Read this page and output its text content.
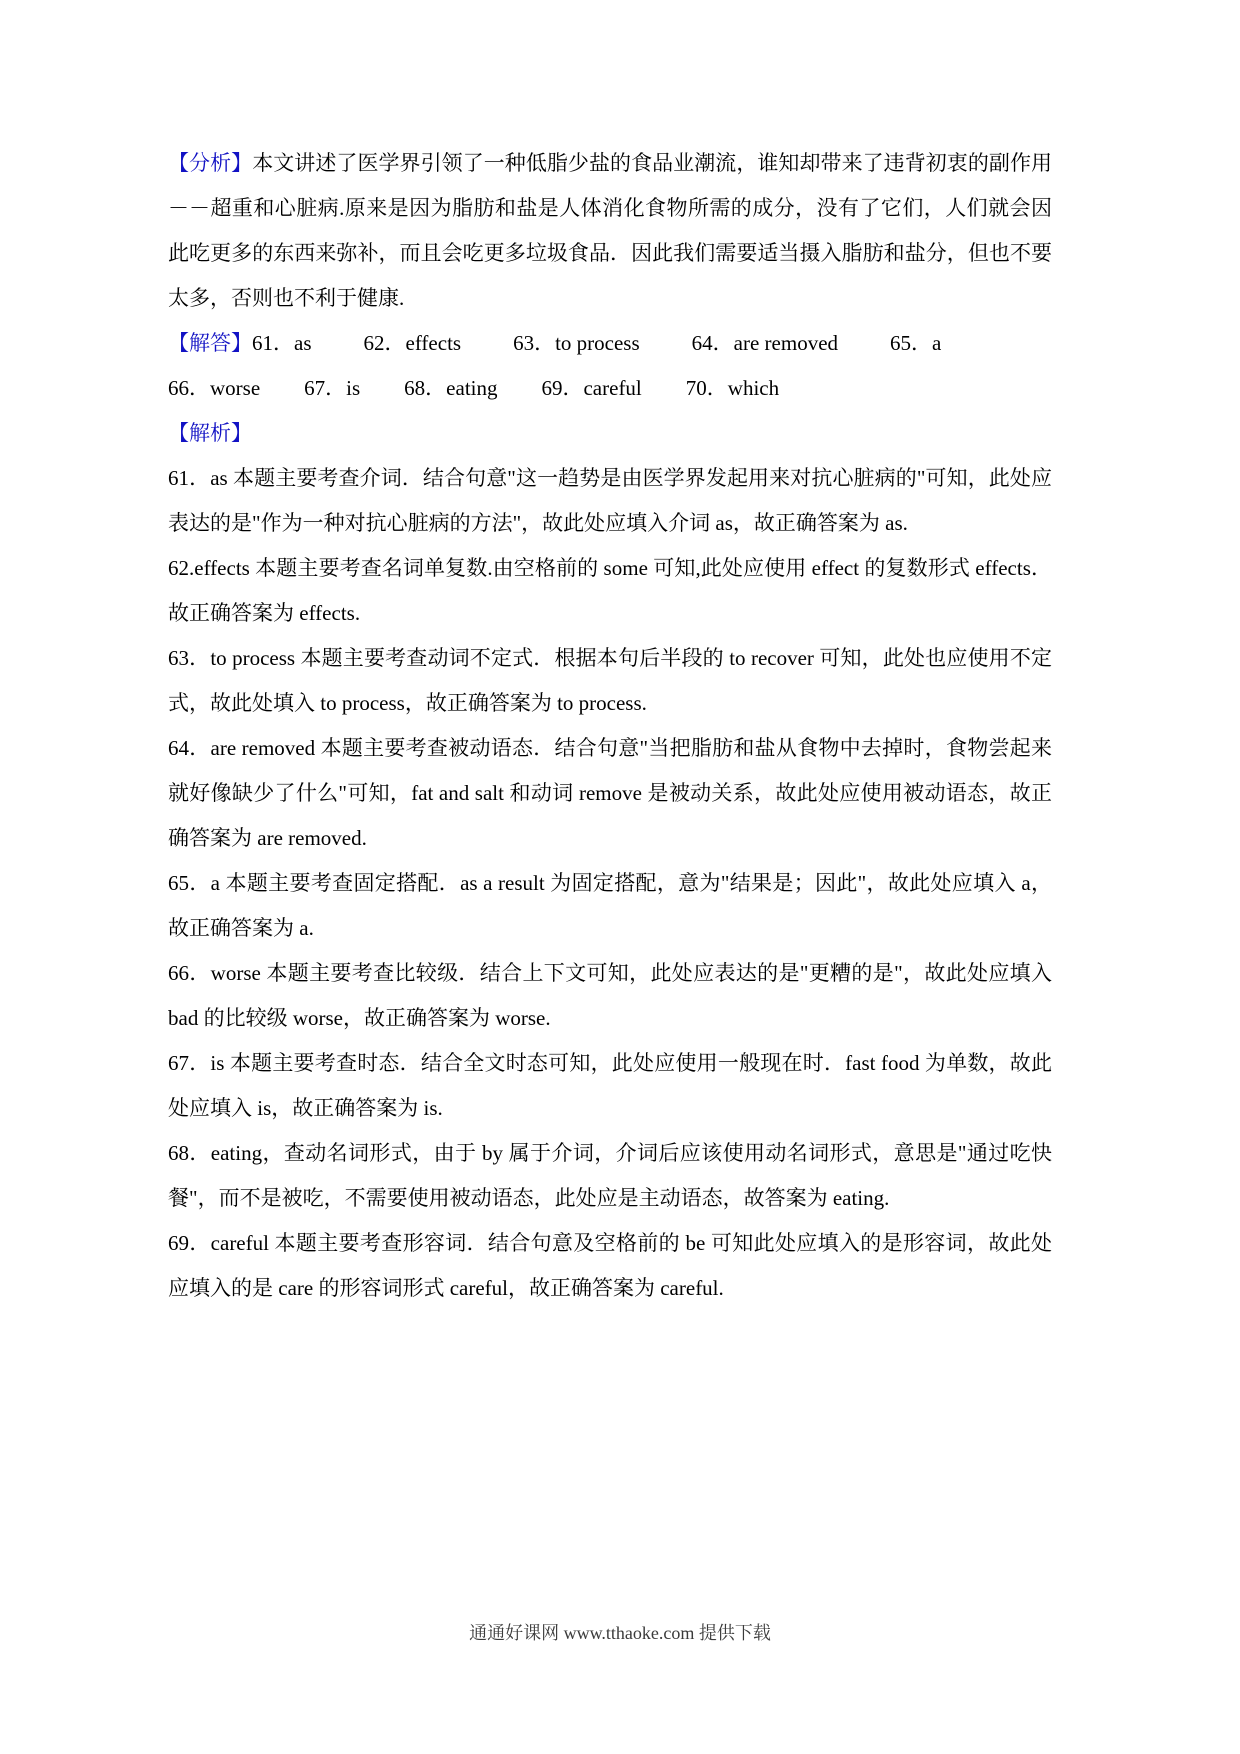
【分析】本文讲述了医学界引领了一种低脂少盐的食品业潮流，谁知却带来了违背初衷的副作用－－超重和心脏病.原来是因为脂肪和盐是人体消化食物所需的成分，没有了它们，人们就会因此吃更多的东西来弥补，而且会吃更多垃圾食品．因此我们需要适当摄入脂肪和盐分，但也不要太多，否则也不利于健康.

【解答】61．as 62．effects 63．to process 64．are removed 65．a
66．worse 67．is 68．eating 69．careful 70．which

【解析】

61．as 本题主要考查介词．结合句意"这一趋势是由医学界发起用来对抗心脏病的"可知，此处应表达的是"作为一种对抗心脏病的方法"，故此处应填入介词 as，故正确答案为 as.

62.effects 本题主要考查名词单复数.由空格前的 some 可知,此处应使用 effect 的复数形式 effects．故正确答案为 effects.

63．to process 本题主要考查动词不定式．根据本句后半段的 to recover 可知，此处也应使用不定式，故此处填入 to process，故正确答案为 to process.

64．are removed 本题主要考查被动语态．结合句意"当把脂肪和盐从食物中去掉时，食物尝起来就好像缺少了什么"可知，fat and salt 和动词 remove 是被动关系，故此处应使用被动语态，故正确答案为 are removed.

65．a 本题主要考查固定搭配．as a result 为固定搭配，意为"结果是；因此"，故此处应填入 a，故正确答案为 a.

66．worse 本题主要考查比较级．结合上下文可知，此处应表达的是"更糟的是"，故此处应填入 bad 的比较级 worse，故正确答案为 worse.

67．is 本题主要考查时态．结合全文时态可知，此处应使用一般现在时．fast food 为单数，故此处应填入 is，故正确答案为 is.

68．eating，查动名词形式，由于 by 属于介词，介词后应该使用动名词形式，意思是"通过吃快餐"，而不是被吃，不需要使用被动语态，此处应是主动语态，故答案为 eating.

69．careful 本题主要考查形容词．结合句意及空格前的 be 可知此处应填入的是形容词，故此处应填入的是 care 的形容词形式 careful，故正确答案为 careful.

通通好课网 www.tthaoke.com 提供下载
